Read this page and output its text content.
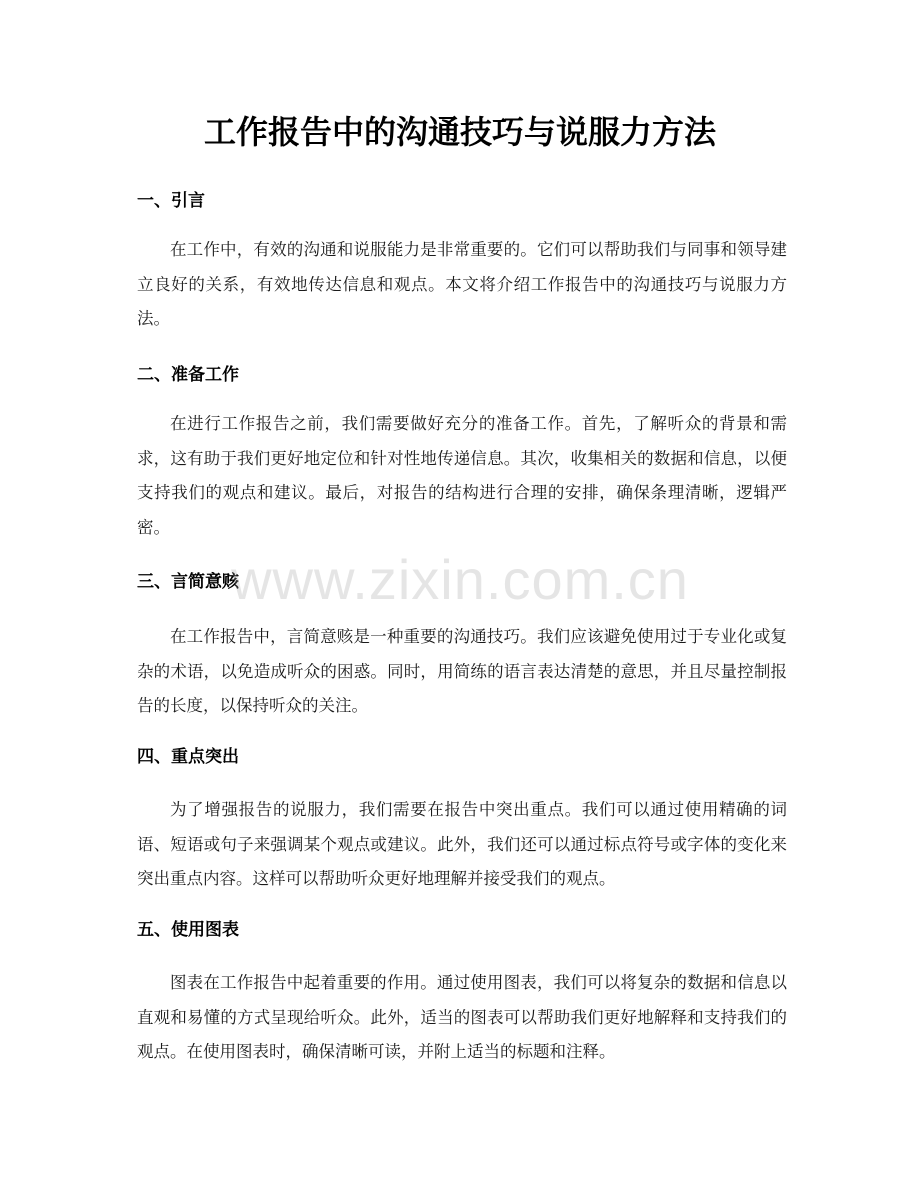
工作报告中的沟通技巧与说服力方法
一、引言

在工作中，有效的沟通和说服能力是非常重要的。它们可以帮助我们与同事和领导建立良好的关系，有效地传达信息和观点。本文将介绍工作报告中的沟通技巧与说服力方法。

二、准备工作

在进行工作报告之前，我们需要做好充分的准备工作。首先，了解听众的背景和需求，这有助于我们更好地定位和针对性地传递信息。其次，收集相关的数据和信息，以便支持我们的观点和建议。最后，对报告的结构进行合理的安排，确保条理清晰，逻辑严密。

三、言简意赅

在工作报告中，言简意赅是一种重要的沟通技巧。我们应该避免使用过于专业化或复杂的术语，以免造成听众的困惑。同时，用简练的语言表达清楚的意思，并且尽量控制报告的长度，以保持听众的关注。

四、重点突出

为了增强报告的说服力，我们需要在报告中突出重点。我们可以通过使用精确的词语、短语或句子来强调某个观点或建议。此外，我们还可以通过标点符号或字体的变化来突出重点内容。这样可以帮助听众更好地理解并接受我们的观点。

五、使用图表

图表在工作报告中起着重要的作用。通过使用图表，我们可以将复杂的数据和信息以直观和易懂的方式呈现给听众。此外，适当的图表可以帮助我们更好地解释和支持我们的观点。在使用图表时，确保清晰可读，并附上适当的标题和注释。

www.zixin.com.cn
